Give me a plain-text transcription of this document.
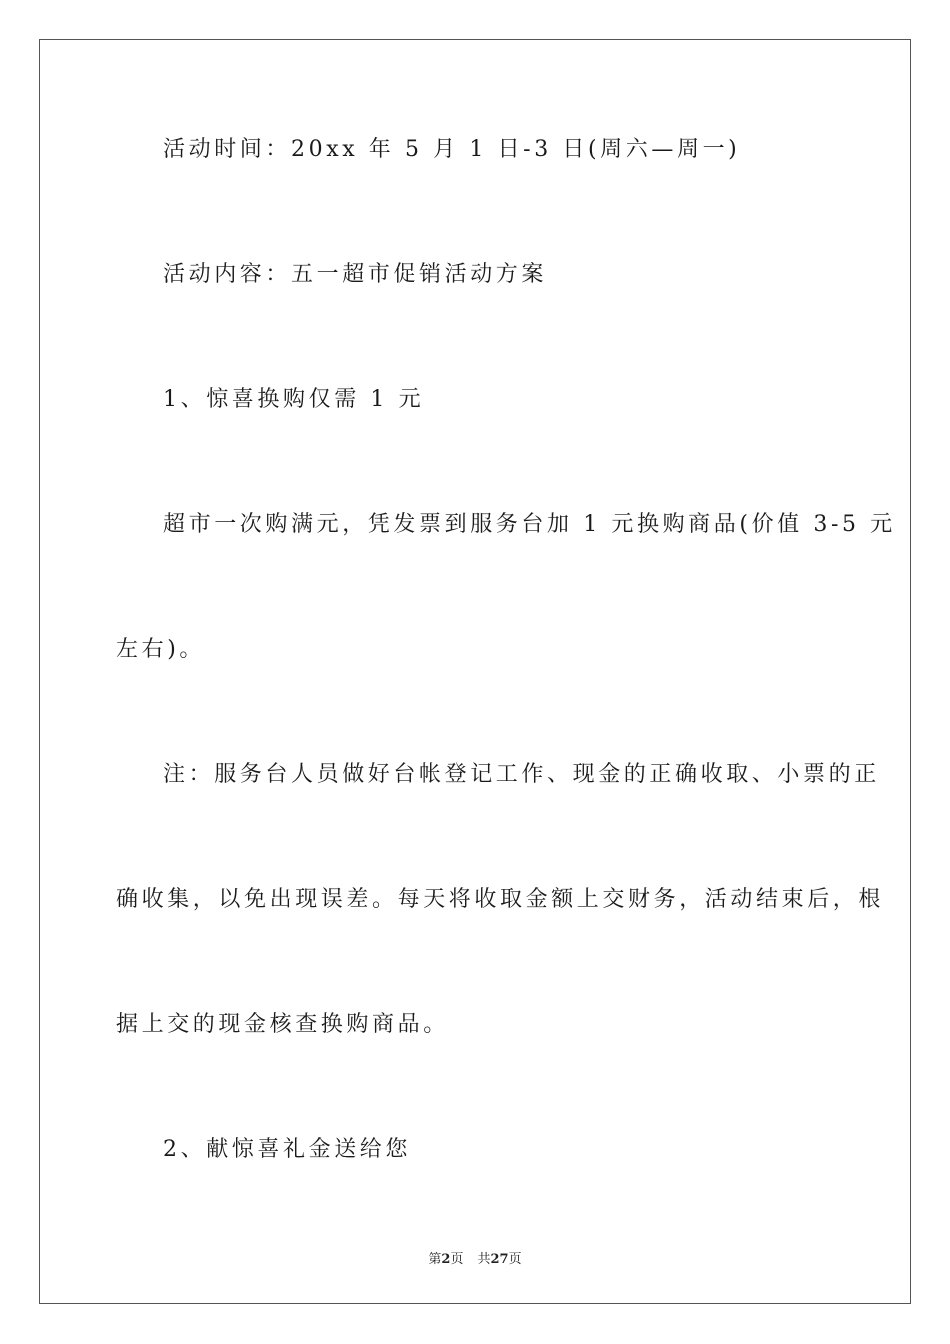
活动时间：20xx 年 5 月 1 日-3 日(周六—周一)
活动内容：五一超市促销活动方案
1、惊喜换购仅需 1 元
超市一次购满元，凭发票到服务台加 1 元换购商品(价值 3-5 元
左右)。
注：服务台人员做好台帐登记工作、现金的正确收取、小票的正
确收集，以免出现误差。每天将收取金额上交财务，活动结束后，根
据上交的现金核查换购商品。
2、献惊喜礼金送给您
第2页 共27页
